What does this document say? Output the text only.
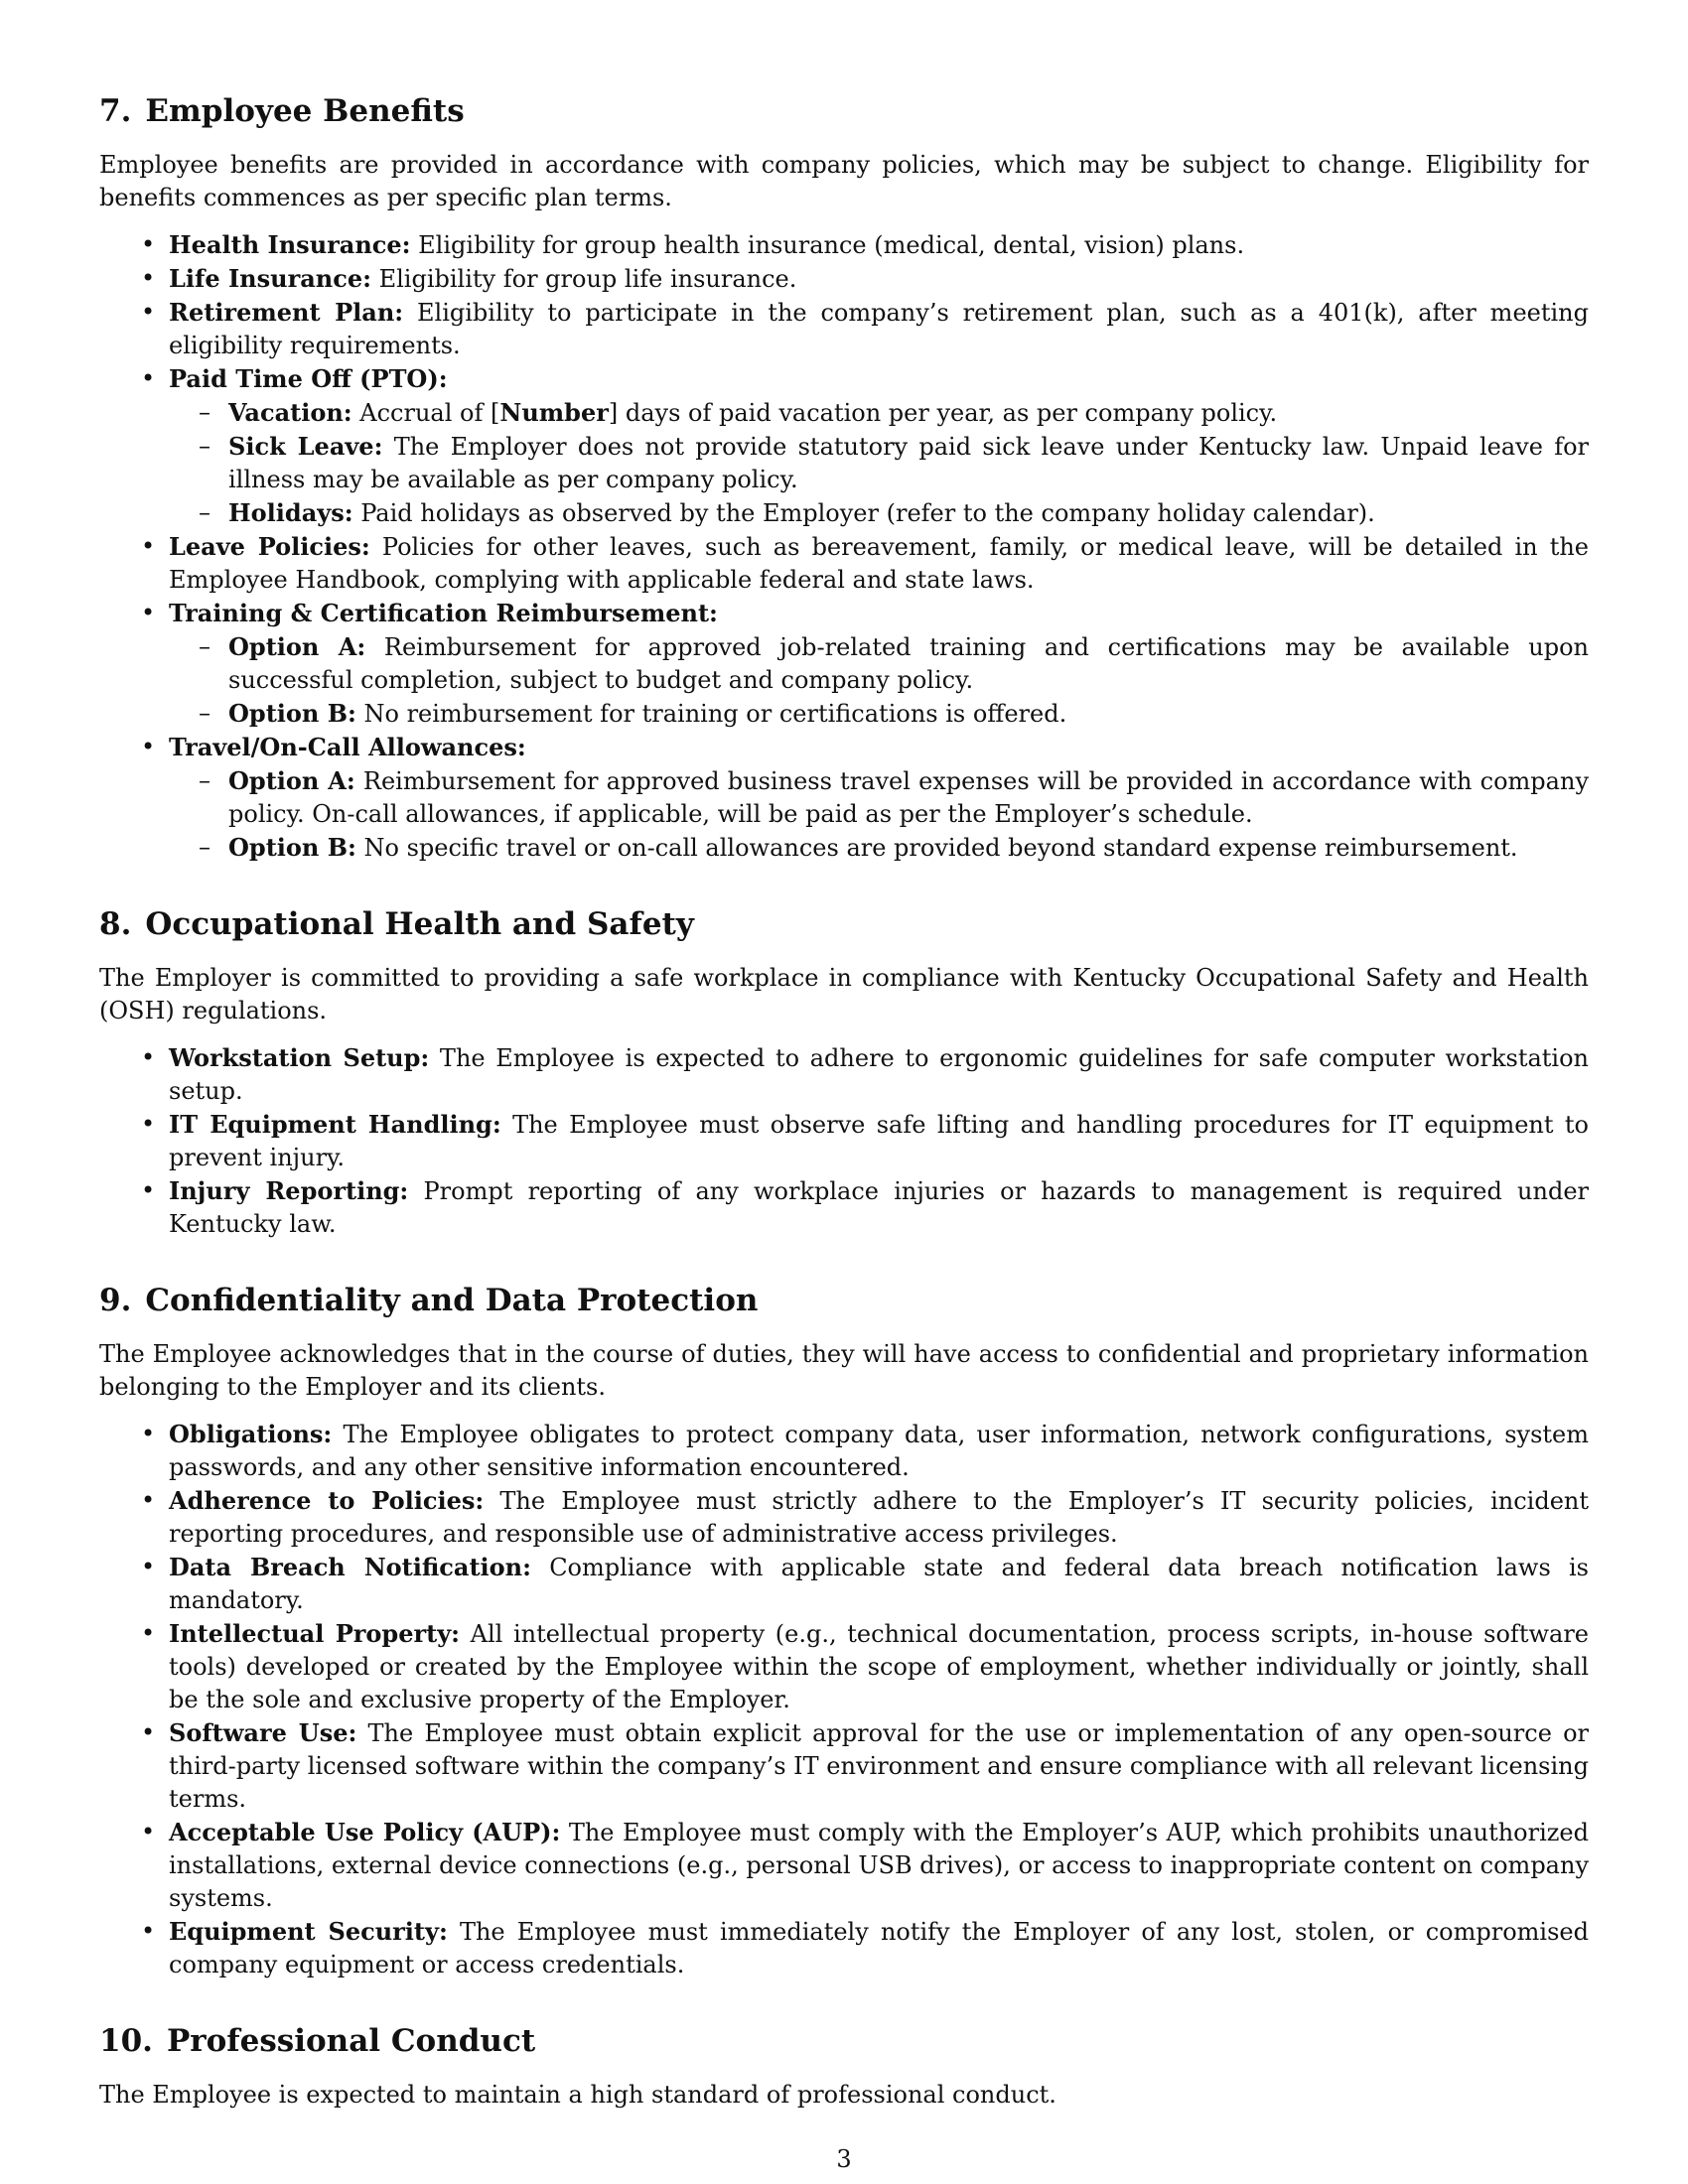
7. Employee Benefits

Employee benefits are provided in accordance with company policies, which may be subject to change. Eligibility for benefits commences as per specific plan terms.

• Health Insurance: Eligibility for group health insurance (medical, dental, vision) plans.
• Life Insurance: Eligibility for group life insurance.
• Retirement Plan: Eligibility to participate in the company’s retirement plan, such as a 401(k), after meeting eligibility requirements.
• Paid Time Off (PTO):
– Vacation: Accrual of [Number] days of paid vacation per year, as per company policy.
– Sick Leave: The Employer does not provide statutory paid sick leave under Kentucky law. Unpaid leave for illness may be available as per company policy.
– Holidays: Paid holidays as observed by the Employer (refer to the company holiday calendar).
• Leave Policies: Policies for other leaves, such as bereavement, family, or medical leave, will be detailed in the Employee Handbook, complying with applicable federal and state laws.
• Training & Certification Reimbursement:
– Option A: Reimbursement for approved job-related training and certifications may be available upon successful completion, subject to budget and company policy.
– Option B: No reimbursement for training or certifications is offered.
• Travel/On-Call Allowances:
– Option A: Reimbursement for approved business travel expenses will be provided in accordance with company policy. On-call allowances, if applicable, will be paid as per the Employer’s schedule.
– Option B: No specific travel or on-call allowances are provided beyond standard expense reimbursement.
8. Occupational Health and Safety

The Employer is committed to providing a safe workplace in compliance with Kentucky Occupational Safety and Health (OSH) regulations.

• Workstation Setup: The Employee is expected to adhere to ergonomic guidelines for safe computer workstation setup.
• IT Equipment Handling: The Employee must observe safe lifting and handling procedures for IT equipment to prevent injury.
• Injury Reporting: Prompt reporting of any workplace injuries or hazards to management is required under Kentucky law.
9. Confidentiality and Data Protection

The Employee acknowledges that in the course of duties, they will have access to confidential and proprietary information belonging to the Employer and its clients.

• Obligations: The Employee obligates to protect company data, user information, network configurations, system passwords, and any other sensitive information encountered.
• Adherence to Policies: The Employee must strictly adhere to the Employer’s IT security policies, incident reporting procedures, and responsible use of administrative access privileges.
• Data Breach Notification: Compliance with applicable state and federal data breach notification laws is mandatory.
• Intellectual Property: All intellectual property (e.g., technical documentation, process scripts, in-house software tools) developed or created by the Employee within the scope of employment, whether individually or jointly, shall be the sole and exclusive property of the Employer.
• Software Use: The Employee must obtain explicit approval for the use or implementation of any open-source or third-party licensed software within the company’s IT environment and ensure compliance with all relevant licensing terms.
• Acceptable Use Policy (AUP): The Employee must comply with the Employer’s AUP, which prohibits unauthorized installations, external device connections (e.g., personal USB drives), or access to inappropriate content on company systems.
• Equipment Security: The Employee must immediately notify the Employer of any lost, stolen, or compromised company equipment or access credentials.
10. Professional Conduct

The Employee is expected to maintain a high standard of professional conduct.

3
